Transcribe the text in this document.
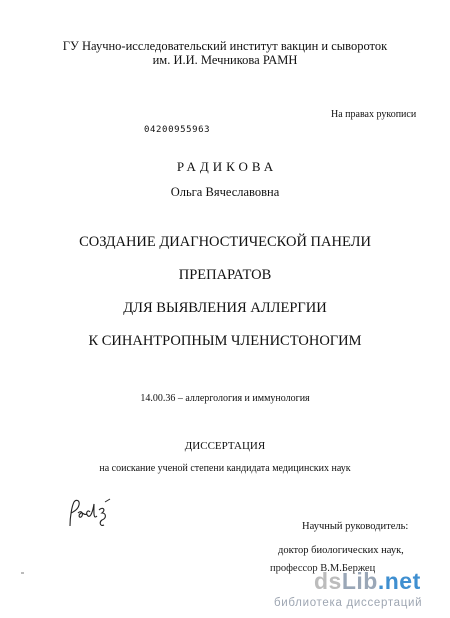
ГУ Научно-исследовательский институт вакцин и сывороток
им. И.И. Мечникова РАМН
На правах рукописи
04200955963
РАДИКОВА
Ольга Вячеславовна
СОЗДАНИЕ ДИАГНОСТИЧЕСКОЙ ПАНЕЛИ
ПРЕПАРАТОВ
ДЛЯ ВЫЯВЛЕНИЯ АЛЛЕРГИИ
К СИНАНТРОПНЫМ ЧЛЕНИСТОНОГИМ
14.00.36 – аллергология и иммунология
ДИССЕРТАЦИЯ
на соискание ученой степени кандидата медицинских наук
Научный руководитель:
доктор биологических наук,
профессор В.М.Бержец
dsLib.net
библиотека диссертаций
